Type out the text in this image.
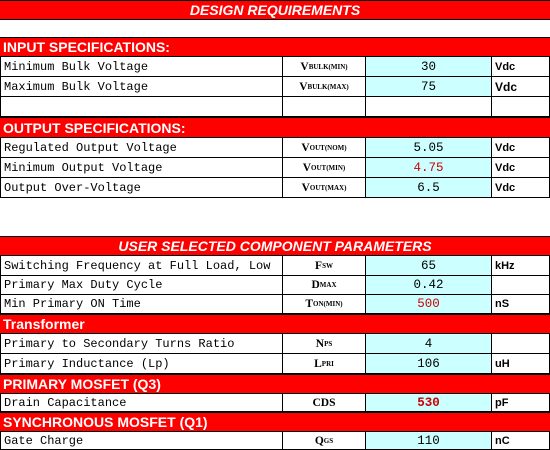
DESIGN REQUIREMENTS
INPUT SPECIFICATIONS:
Minimum Bulk Voltage	V BULK(MIN)	30	Vdc
Maximum Bulk Voltage	V BULK(MAX)	75	Vdc
OUTPUT SPECIFICATIONS:
Regulated Output Voltage	V OUT(NOM)	5.05	Vdc
Minimum Output Voltage	V OUT(MIN)	4.75	Vdc
Output Over-Voltage	V OUT(MAX)	6.5	Vdc
USER SELECTED COMPONENT PARAMETERS
Switching Frequency at Full Load, Low	F SW	65	kHz
Primary Max Duty Cycle	D MAX	0.42
Min Primary ON Time	T ON(MIN)	500	nS
Transformer
Primary to Secondary Turns Ratio	N PS	4
Primary Inductance (Lp)	L PRI	106	uH
PRIMARY MOSFET (Q3)
Drain Capacitance	CDS	530	pF
SYNCHRONOUS MOSFET (Q1)
Gate Charge	Q GS	110	nC
